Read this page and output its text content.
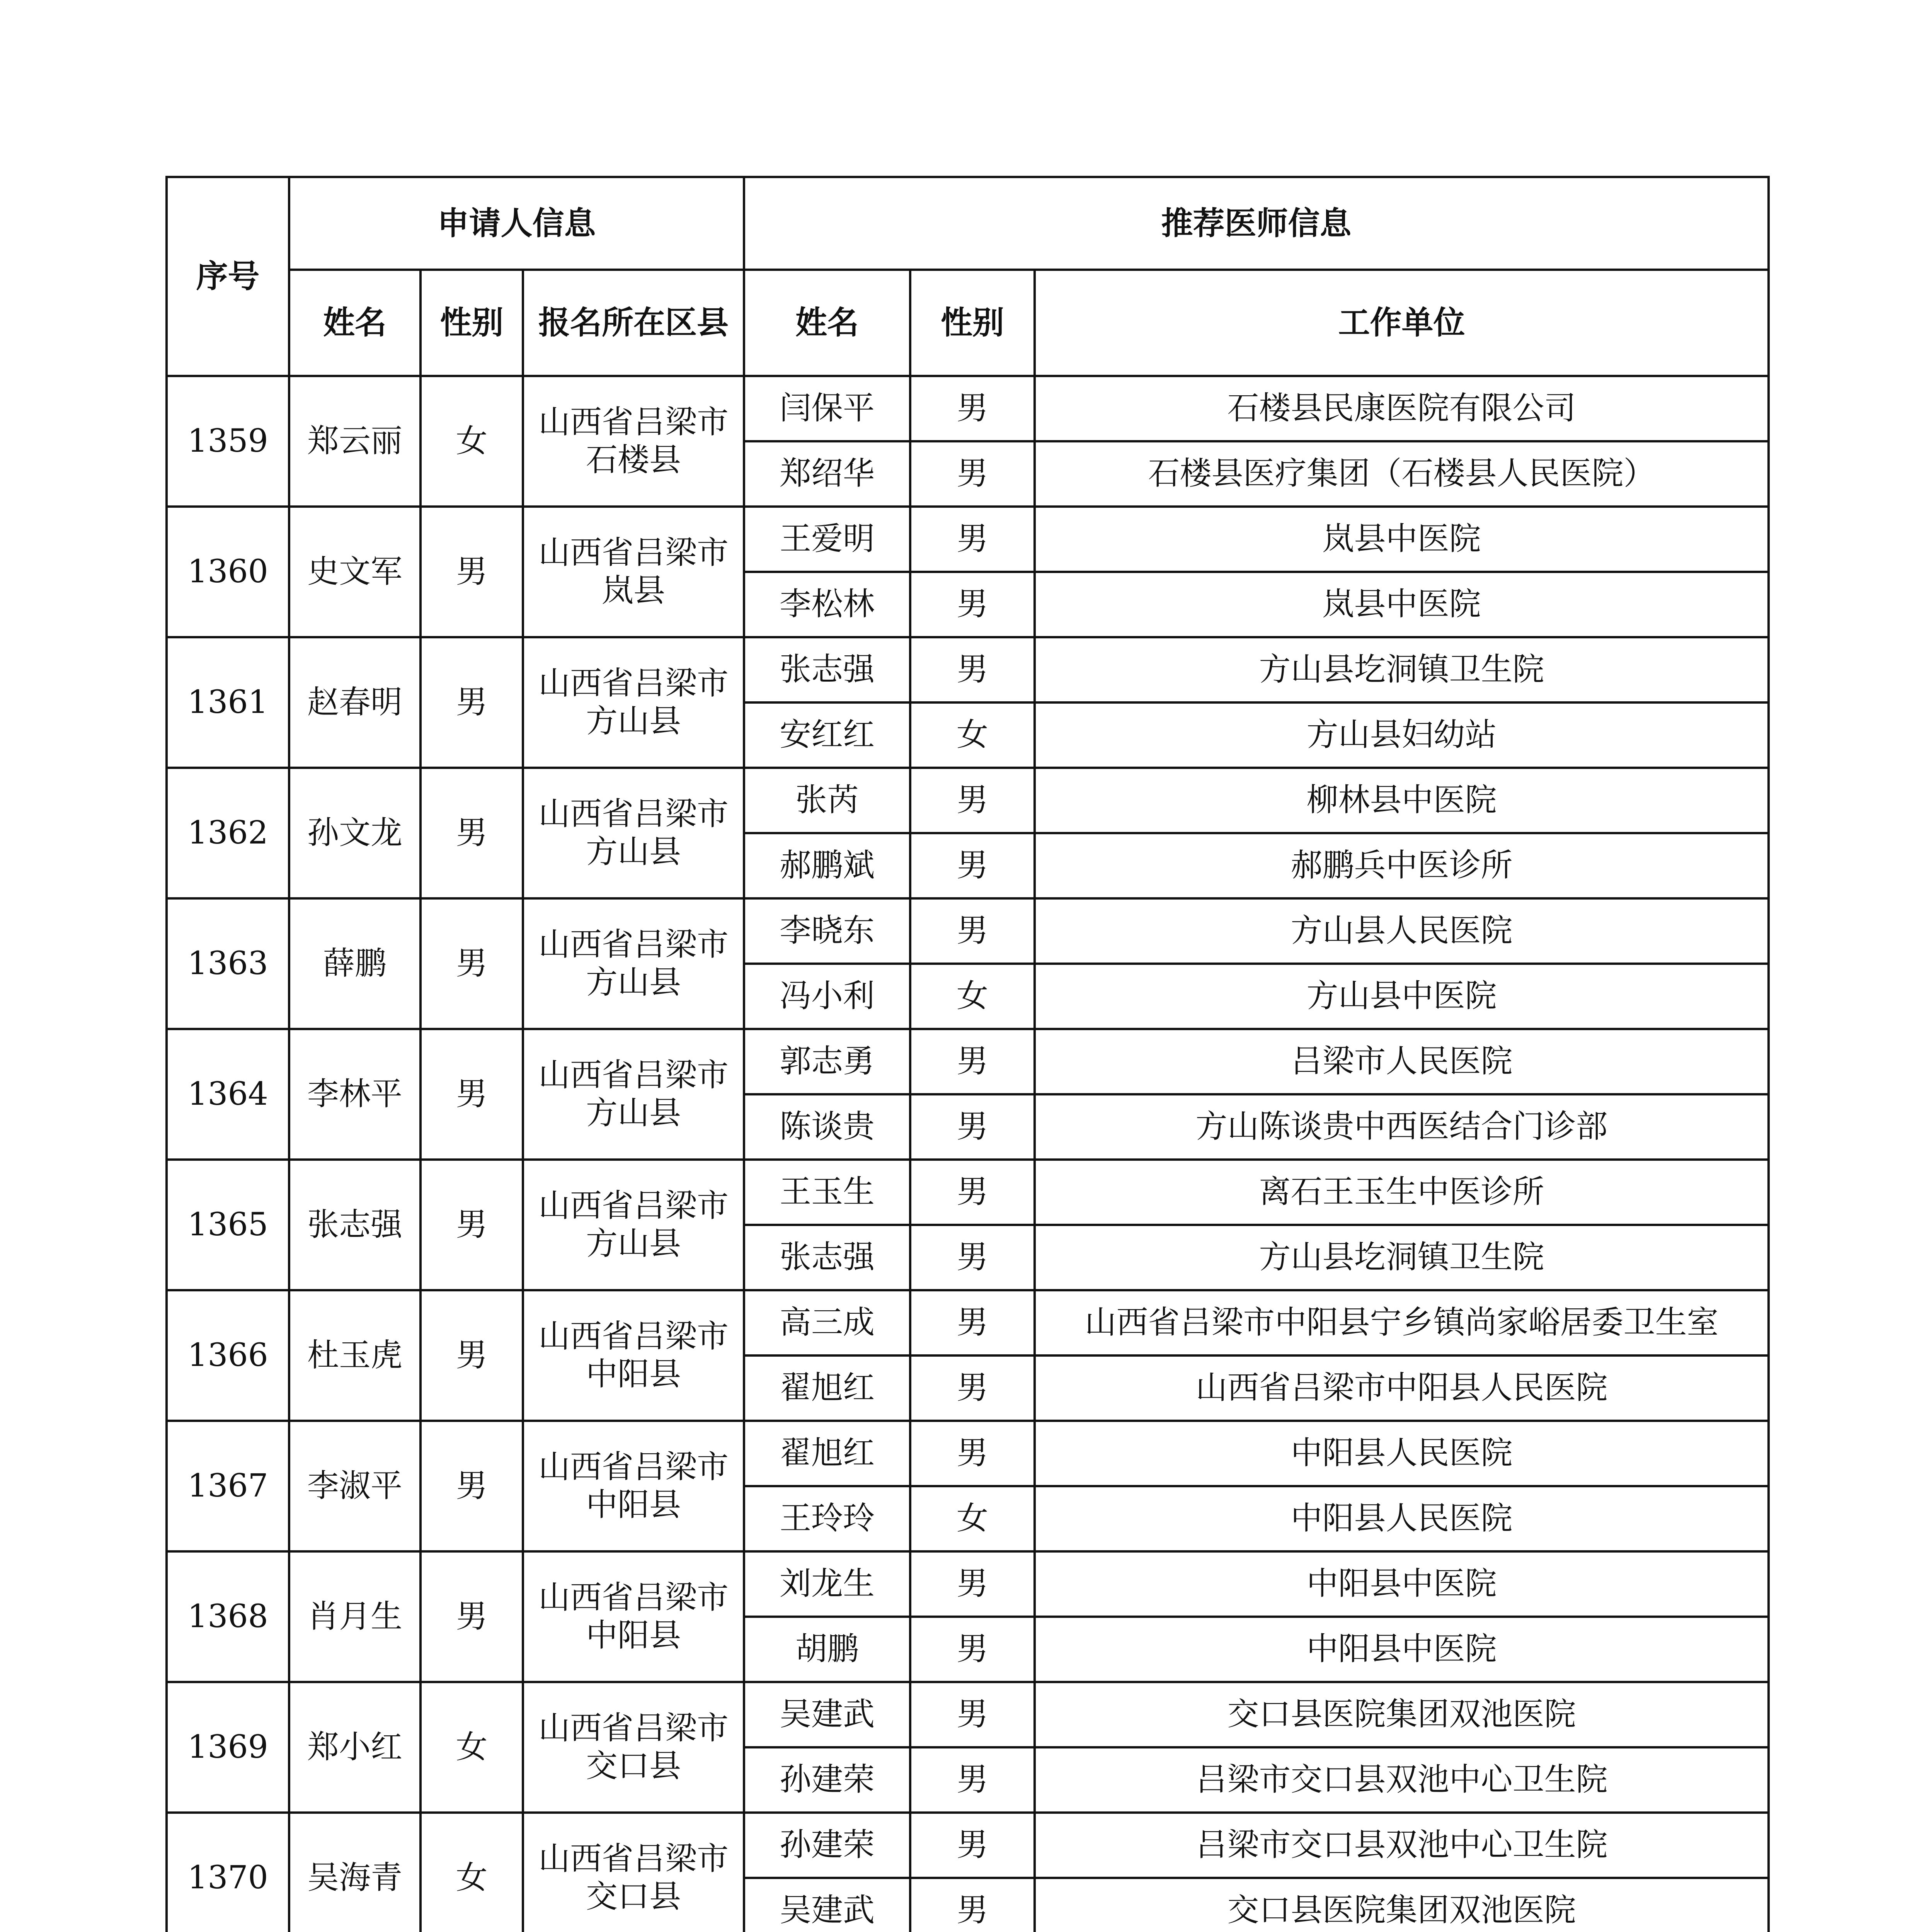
序号	申请人信息			推荐医师信息		
	姓名	性别	报名所在区县	姓名	性别	工作单位
1359	郑云丽	女	山西省吕梁市石楼县	闫保平	男	石楼县民康医院有限公司
				郑绍华	男	石楼县医疗集团（石楼县人民医院）
1360	史文军	男	山西省吕梁市岚县	王爱明	男	岚县中医院
				李松林	男	岚县中医院
1361	赵春明	男	山西省吕梁市方山县	张志强	男	方山县圪洞镇卫生院
				安红红	女	方山县妇幼站
1362	孙文龙	男	山西省吕梁市方山县	张芮	男	柳林县中医院
				郝鹏斌	男	郝鹏兵中医诊所
1363	薛鹏	男	山西省吕梁市方山县	李晓东	男	方山县人民医院
				冯小利	女	方山县中医院
1364	李林平	男	山西省吕梁市方山县	郭志勇	男	吕梁市人民医院
				陈谈贵	男	方山陈谈贵中西医结合门诊部
1365	张志强	男	山西省吕梁市方山县	王玉生	男	离石王玉生中医诊所
				张志强	男	方山县圪洞镇卫生院
1366	杜玉虎	男	山西省吕梁市中阳县	高三成	男	山西省吕梁市中阳县宁乡镇尚家峪居委卫生室
				翟旭红	男	山西省吕梁市中阳县人民医院
1367	李淑平	男	山西省吕梁市中阳县	翟旭红	男	中阳县人民医院
				王玲玲	女	中阳县人民医院
1368	肖月生	男	山西省吕梁市中阳县	刘龙生	男	中阳县中医院
				胡鹏	男	中阳县中医院
1369	郑小红	女	山西省吕梁市交口县	吴建武	男	交口县医院集团双池医院
				孙建荣	男	吕梁市交口县双池中心卫生院
1370	吴海青	女	山西省吕梁市交口县	孙建荣	男	吕梁市交口县双池中心卫生院
				吴建武	男	交口县医院集团双池医院
